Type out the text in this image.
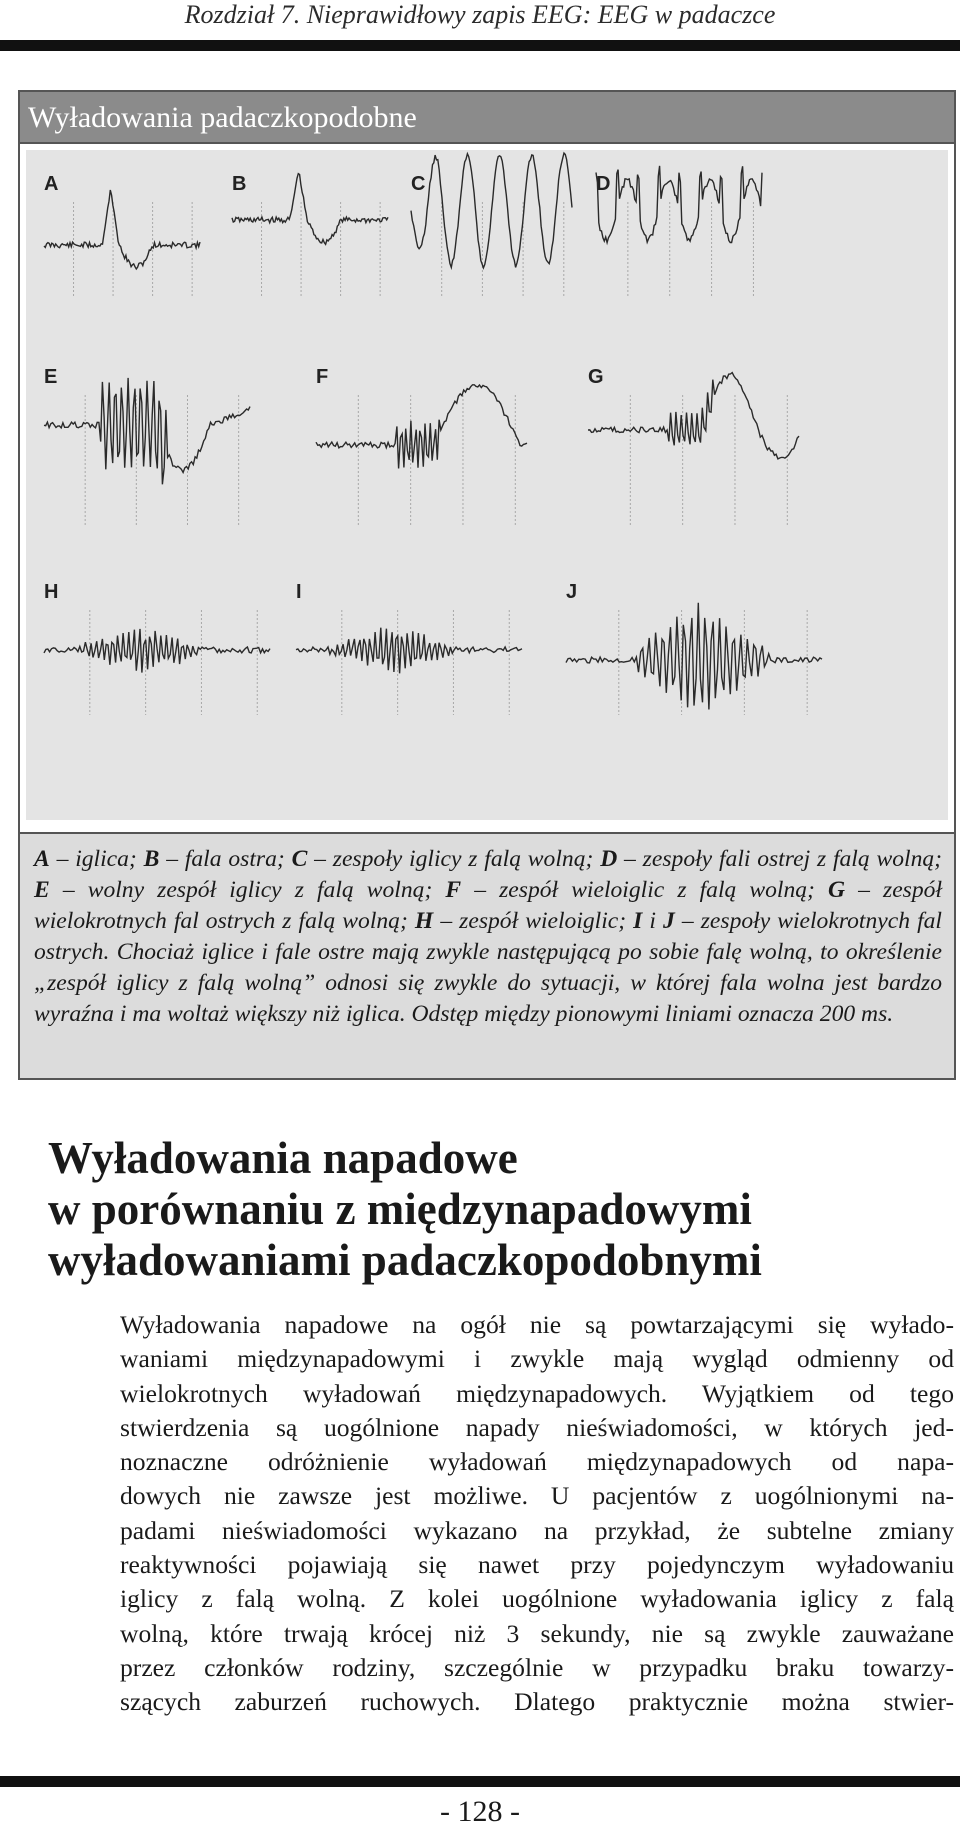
Rozdział 7. Nieprawidłowy zapis EEG: EEG w padaczce
Wyładowania padaczkopodobne
A	B	C	D
E	F	G
H	I	J
A – iglica; B – fala ostra; C – zespoły iglicy z falą wolną; D – zespoły fali ostrej z falą wolną; E – wolny zespół iglicy z falą wolną; F – zespół wieloiglic z falą wolną; G – zespół wielokrotnych fal ostrych z falą wolną; H – zespół wieloiglic; I i J – zespoły wielokrotnych fal ostrych. Chociaż iglice i fale ostre mają zwykle następującą po sobie falę wolną, to określenie „zespół iglicy z falą wolną” odnosi się zwykle do sytuacji, w której fala wolna jest bardzo wyraźna i ma woltaż większy niż iglica. Odstęp między pionowymi liniami oznacza 200 ms.
Wyładowania napadowe
w porównaniu z międzynapadowymi
wyładowaniami padaczkopodobnymi
Wyładowania napadowe na ogół nie są powtarzającymi się wyłado-
waniami międzynapadowymi i zwykle mają wygląd odmienny od
wielokrotnych wyładowań międzynapadowych. Wyjątkiem od tego
stwierdzenia są uogólnione napady nieświadomości, w których jed-
noznaczne odróżnienie wyładowań międzynapadowych od napa-
dowych nie zawsze jest możliwe. U pacjentów z uogólnionymi na-
padami nieświadomości wykazano na przykład, że subtelne zmiany
reaktywności pojawiają się nawet przy pojedynczym wyładowaniu
iglicy z falą wolną. Z kolei uogólnione wyładowania iglicy z falą
wolną, które trwają krócej niż 3 sekundy, nie są zwykle zauważane
przez członków rodziny, szczególnie w przypadku braku towarzy-
szących zaburzeń ruchowych. Dlatego praktycznie można stwier-
- 128 -
